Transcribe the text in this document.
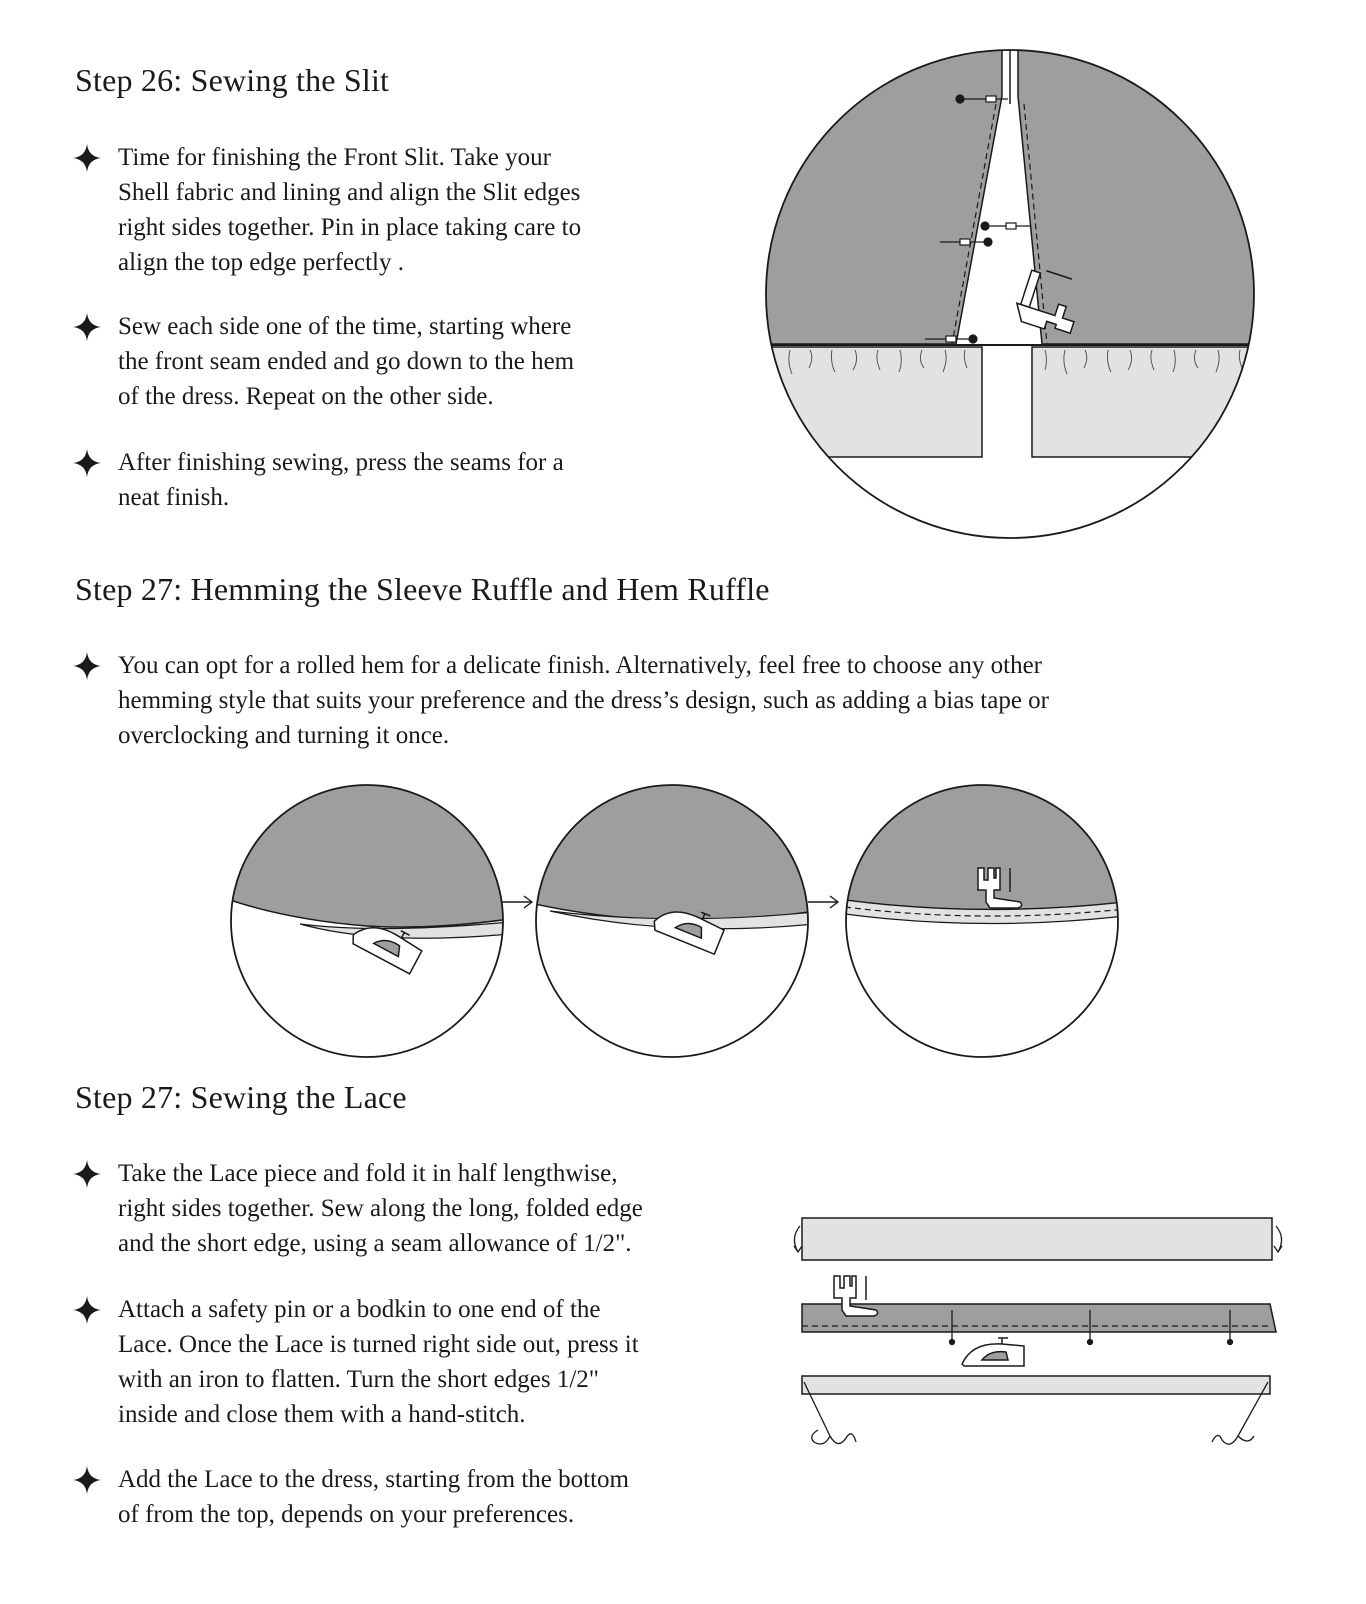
Step 26: Sewing the Slit

Time for finishing the Front Slit. Take your
Shell fabric and lining and align the Slit edges
right sides together. Pin in place taking care to
align the top edge perfectly .

Sew each side one of the time, starting where
the front seam ended and go down to the hem
of the dress. Repeat on the other side.

After finishing sewing, press the seams for a
neat finish.

Step 27: Hemming the Sleeve Ruffle and Hem Ruffle

You can opt for a rolled hem for a delicate finish. Alternatively, feel free to choose any other
hemming style that suits your preference and the dress’s design, such as adding a bias tape or
overclocking and turning it once.

Step 27: Sewing the Lace

Take the Lace piece and fold it in half lengthwise,
right sides together. Sew along the long, folded edge
and the short edge, using a seam allowance of 1/2".

Attach a safety pin or a bodkin to one end of the
Lace. Once the Lace is turned right side out, press it
with an iron to flatten. Turn the short edges 1/2"
inside and close them with a hand-stitch.

Add the Lace to the dress, starting from the bottom
of from the top, depends on your preferences.
